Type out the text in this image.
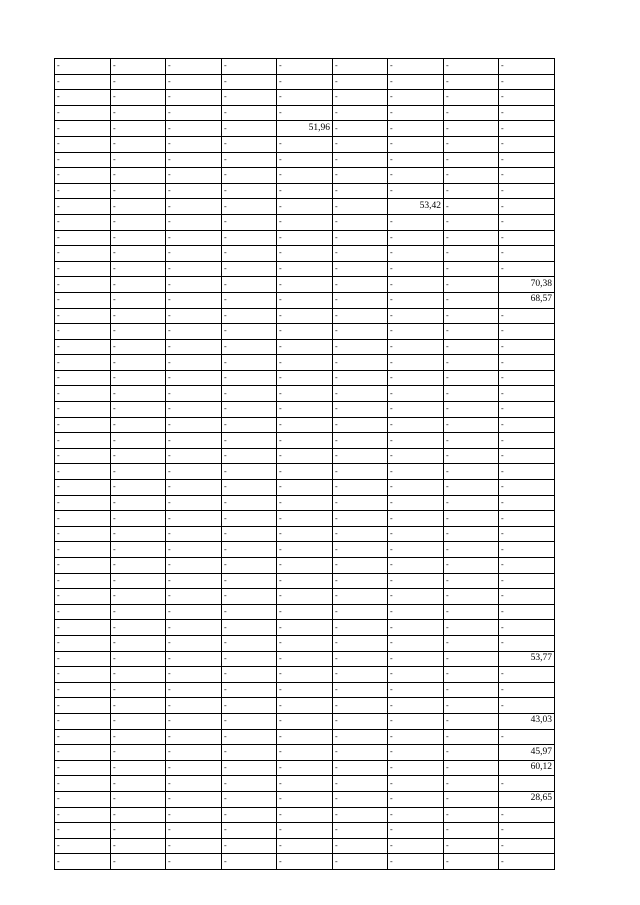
-	-	-	-	-	-	-	-	-
-	-	-	-	-	-	-	-	-
-	-	-	-	-	-	-	-	-
-	-	-	-	-	-	-	-	-
-	-	-	-	51,96	-	-	-	-
-	-	-	-	-	-	-	-	-
-	-	-	-	-	-	-	-	-
-	-	-	-	-	-	-	-	-
-	-	-	-	-	-	-	-	-
-	-	-	-	-	-	53,42	-	-
-	-	-	-	-	-	-	-	-
-	-	-	-	-	-	-	-	-
-	-	-	-	-	-	-	-	-
-	-	-	-	-	-	-	-	-
-	-	-	-	-	-	-	-	70,38
-	-	-	-	-	-	-	-	68,57
-	-	-	-	-	-	-	-	-
-	-	-	-	-	-	-	-	-
-	-	-	-	-	-	-	-	-
-	-	-	-	-	-	-	-	-
-	-	-	-	-	-	-	-	-
-	-	-	-	-	-	-	-	-
-	-	-	-	-	-	-	-	-
-	-	-	-	-	-	-	-	-
-	-	-	-	-	-	-	-	-
-	-	-	-	-	-	-	-	-
-	-	-	-	-	-	-	-	-
-	-	-	-	-	-	-	-	-
-	-	-	-	-	-	-	-	-
-	-	-	-	-	-	-	-	-
-	-	-	-	-	-	-	-	-
-	-	-	-	-	-	-	-	-
-	-	-	-	-	-	-	-	-
-	-	-	-	-	-	-	-	-
-	-	-	-	-	-	-	-	-
-	-	-	-	-	-	-	-	-
-	-	-	-	-	-	-	-	-
-	-	-	-	-	-	-	-	-
-	-	-	-	-	-	-	-	53,77
-	-	-	-	-	-	-	-	-
-	-	-	-	-	-	-	-	-
-	-	-	-	-	-	-	-	-
-	-	-	-	-	-	-	-	43,03
-	-	-	-	-	-	-	-	-
-	-	-	-	-	-	-	-	45,97
-	-	-	-	-	-	-	-	60,12
-	-	-	-	-	-	-	-	-
-	-	-	-	-	-	-	-	28,65
-	-	-	-	-	-	-	-	-
-	-	-	-	-	-	-	-	-
-	-	-	-	-	-	-	-	-
-	-	-	-	-	-	-	-	-
